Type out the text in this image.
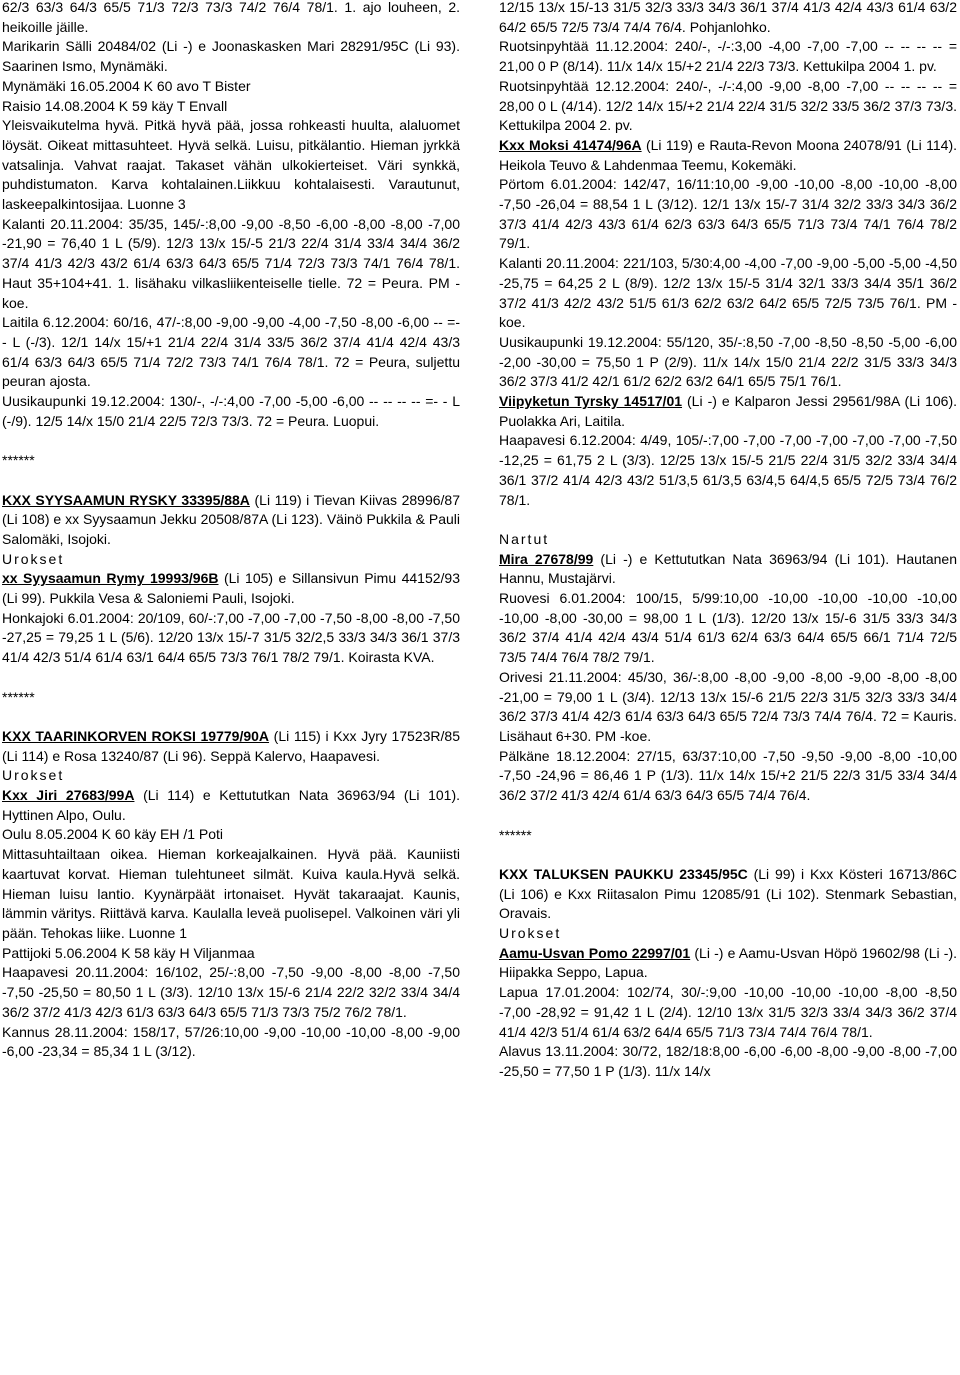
62/3 63/3 64/3 65/5 71/3 72/3 73/3 74/2 76/4 78/1. 1. ajo louheen, 2. heikoille jäille.

Marikarin Sälli 20484/02 (Li -) e Joonaskasken Mari 28291/95C (Li 93). Saarinen Ismo, Mynämäki.

Mynämäki 16.05.2004 K 60 avo T Bister

Raisio 14.08.2004 K 59 käy T Envall

Yleisvaikutelma hyvä. Pitkä hyvä pää, jossa rohkeasti huulta, alaluomet löysät. Oikeat mittasuhteet. Hyvä selkä. Luisu, pitkälantio. Hieman jyrkkä vatsalinja. Vahvat raajat. Takaset vähän ulkokierteiset. Väri synkkä, puhdistumaton. Karva kohtalainen.Liikkuu kohtalaisesti. Varautunut, laskeepalkintosijaa. Luonne 3

Kalanti 20.11.2004: 35/35, 145/-:8,00 -9,00 -8,50 -6,00 -8,00 -8,00 -7,00 -21,90 = 76,40 1 L (5/9). 12/3 13/x 15/-5 21/3 22/4 31/4 33/4 34/4 36/2 37/4 41/3 42/3 43/2 61/4 63/3 64/3 65/5 71/4 72/3 73/3 74/1 76/4 78/1. Haut 35+104+41. 1. lisähaku vilkasliikenteiselle tielle. 72 = Peura. PM - koe.

Laitila 6.12.2004: 60/16, 47/-:8,00 -9,00 -9,00 -4,00 -7,50 -8,00 -6,00 -- =- - L (-/3). 12/1 14/x 15/+1 21/4 22/4 31/4 33/5 36/2 37/4 41/4 42/4 43/3 61/4 63/3 64/3 65/5 71/4 72/2 73/3 74/1 76/4 78/1. 72 = Peura, suljettu peuran ajosta.

Uusikaupunki 19.12.2004: 130/-, -/-:4,00 -7,00 -5,00 -6,00 -- -- -- -- =- - L (-/9). 12/5 14/x 15/0 21/4 22/5 72/3 73/3. 72 = Peura. Luopui.

******

KXX SYYSAAMUN RYSKY 33395/88A (Li 119) i Tievan Kiivas 28996/87 (Li 108) e xx Syysaamun Jekku 20508/87A (Li 123). Väinö Pukkila & Pauli Salomäki, Isojoki.

Urokset

xx Syysaamun Rymy 19993/96B (Li 105) e Sillansivun Pimu 44152/93 (Li 99). Pukkila Vesa & Saloniemi Pauli, Isojoki.

Honkajoki 6.01.2004: 20/109, 60/-:7,00 -7,00 -7,00 -7,50 -8,00 -8,00 -7,50 -27,25 = 79,25 1 L (5/6). 12/20 13/x 15/-7 31/5 32/2,5 33/3 34/3 36/1 37/3 41/4 42/3 51/4 61/4 63/1 64/4 65/5 73/3 76/1 78/2 79/1. Koirasta KVA.

******

KXX TAARINKORVEN ROKSI 19779/90A (Li 115) i Kxx Jyry 17523R/85 (Li 114) e Rosa 13240/87 (Li 96). Seppä Kalervo, Haapavesi.

Urokset

Kxx Jiri 27683/99A (Li 114) e Kettututkan Nata 36963/94 (Li 101). Hyttinen Alpo, Oulu.

Oulu 8.05.2004 K 60 käy EH /1 Poti

Mittasuhtailtaan oikea. Hieman korkeajalkainen. Hyvä pää. Kauniisti kaartuvat korvat. Hieman tulehtuneet silmät. Kuiva kaula.Hyvä selkä. Hieman luisu lantio. Kyynärpäät irtonaiset. Hyvät takaraajat. Kaunis, lämmin väritys. Riittävä karva. Kaulalla leveä puolisepel. Valkoinen väri yli pään. Tehokas liike. Luonne 1

Pattijoki 5.06.2004 K 58 käy H Viljanmaa

Haapavesi 20.11.2004: 16/102, 25/-:8,00 -7,50 -9,00 -8,00 -8,00 -7,50 -7,50 -25,50 = 80,50 1 L (3/3). 12/10 13/x 15/-6 21/4 22/2 32/2 33/4 34/4 36/2 37/2 41/3 42/3 61/3 63/3 64/3 65/5 71/3 73/3 75/2 76/2 78/1.

Kannus 28.11.2004: 158/17, 57/26:10,00 -9,00 -10,00 -10,00 -8,00 -9,00 -6,00 -23,34 = 85,34 1 L (3/12).

12/15 13/x 15/-13 31/5 32/3 33/3 34/3 36/1 37/4 41/3 42/4 43/3 61/4 63/2 64/2 65/5 72/5 73/4 74/4 76/4. Pohjanlohko.

Ruotsinpyhtää 11.12.2004: 240/-, -/-:3,00 -4,00 -7,00 -7,00 -- -- -- -- = 21,00 0 P (8/14). 11/x 14/x 15/+2 21/4 22/3 73/3. Kettukilpa 2004 1. pv.

Ruotsinpyhtää 12.12.2004: 240/-, -/-:4,00 -9,00 -8,00 -7,00 -- -- -- -- = 28,00 0 L (4/14). 12/2 14/x 15/+2 21/4 22/4 31/5 32/2 33/5 36/2 37/3 73/3. Kettukilpa 2004 2. pv.

Kxx Moksi 41474/96A (Li 119) e Rauta-Revon Moona 24078/91 (Li 114). Heikola Teuvo & Lahdenmaa Teemu, Kokemäki.

Pörtom 6.01.2004: 142/47, 16/11:10,00 -9,00 -10,00 -8,00 -10,00 -8,00 -7,50 -26,04 = 88,54 1 L (3/12). 12/1 13/x 15/-7 31/4 32/2 33/3 34/3 36/2 37/3 41/4 42/3 43/3 61/4 62/3 63/3 64/3 65/5 71/3 73/4 74/1 76/4 78/2 79/1.

Kalanti 20.11.2004: 221/103, 5/30:4,00 -4,00 -7,00 -9,00 -5,00 -5,00 -4,50 -25,75 = 64,25 2 L (8/9). 12/2 13/x 15/-5 31/4 32/1 33/3 34/4 35/1 36/2 37/2 41/3 42/2 43/2 51/5 61/3 62/2 63/2 64/2 65/5 72/5 73/5 76/1. PM - koe.

Uusikaupunki 19.12.2004: 55/120, 35/-:8,50 -7,00 -8,50 -8,50 -5,00 -6,00 -2,00 -30,00 = 75,50 1 P (2/9). 11/x 14/x 15/0 21/4 22/2 31/5 33/3 34/3 36/2 37/3 41/2 42/1 61/2 62/2 63/2 64/1 65/5 75/1 76/1.

Viipyketun Tyrsky 14517/01 (Li -) e Kalparon Jessi 29561/98A (Li 106). Puolakka Ari, Laitila.

Haapavesi 6.12.2004: 4/49, 105/-:7,00 -7,00 -7,00 -7,00 -7,00 -7,00 -7,50 -12,25 = 61,75 2 L (3/3). 12/25 13/x 15/-5 21/5 22/4 31/5 32/2 33/4 34/4 36/1 37/2 41/4 42/3 43/2 51/3,5 61/3,5 63/4,5 64/4,5 65/5 72/5 73/4 76/2 78/1.

Nartut

Mira 27678/99 (Li -) e Kettututkan Nata 36963/94 (Li 101). Hautanen Hannu, Mustajärvi.

Ruovesi 6.01.2004: 100/15, 5/99:10,00 -10,00 -10,00 -10,00 -10,00 -10,00 -8,00 -30,00 = 98,00 1 L (1/3). 12/20 13/x 15/-6 31/5 33/3 34/3 36/2 37/4 41/4 42/4 43/4 51/4 61/3 62/4 63/3 64/4 65/5 66/1 71/4 72/5 73/5 74/4 76/4 78/2 79/1.

Orivesi 21.11.2004: 45/30, 36/-:8,00 -8,00 -9,00 -8,00 -9,00 -8,00 -8,00 -21,00 = 79,00 1 L (3/4). 12/13 13/x 15/-6 21/5 22/3 31/5 32/3 33/3 34/4 36/2 37/3 41/4 42/3 61/4 63/3 64/3 65/5 72/4 73/3 74/4 76/4. 72 = Kauris. Lisähaut 6+30. PM -koe.

Pälkäne 18.12.2004: 27/15, 63/37:10,00 -7,50 -9,50 -9,00 -8,00 -10,00 -7,50 -24,96 = 86,46 1 P (1/3). 11/x 14/x 15/+2 21/5 22/3 31/5 33/4 34/4 36/2 37/2 41/3 42/4 61/4 63/3 64/3 65/5 74/4 76/4.

******

KXX TALUKSEN PAUKKU 23345/95C (Li 99) i Kxx Kösteri 16713/86C (Li 106) e Kxx Riitasalon Pimu 12085/91 (Li 102). Stenmark Sebastian, Oravais.

Urokset

Aamu-Usvan Pomo 22997/01 (Li -) e Aamu-Usvan Höpö 19602/98 (Li -). Hiipakka Seppo, Lapua.

Lapua 17.01.2004: 102/74, 30/-:9,00 -10,00 -10,00 -10,00 -8,00 -8,50 -7,00 -28,92 = 91,42 1 L (2/4). 12/10 13/x 31/5 32/3 33/4 34/3 36/2 37/4 41/4 42/3 51/4 61/4 63/2 64/4 65/5 71/3 73/4 74/4 76/4 78/1.

Alavus 13.11.2004: 30/72, 182/18:8,00 -6,00 -6,00 -8,00 -9,00 -8,00 -7,00 -25,50 = 77,50 1 P (1/3). 11/x 14/x
